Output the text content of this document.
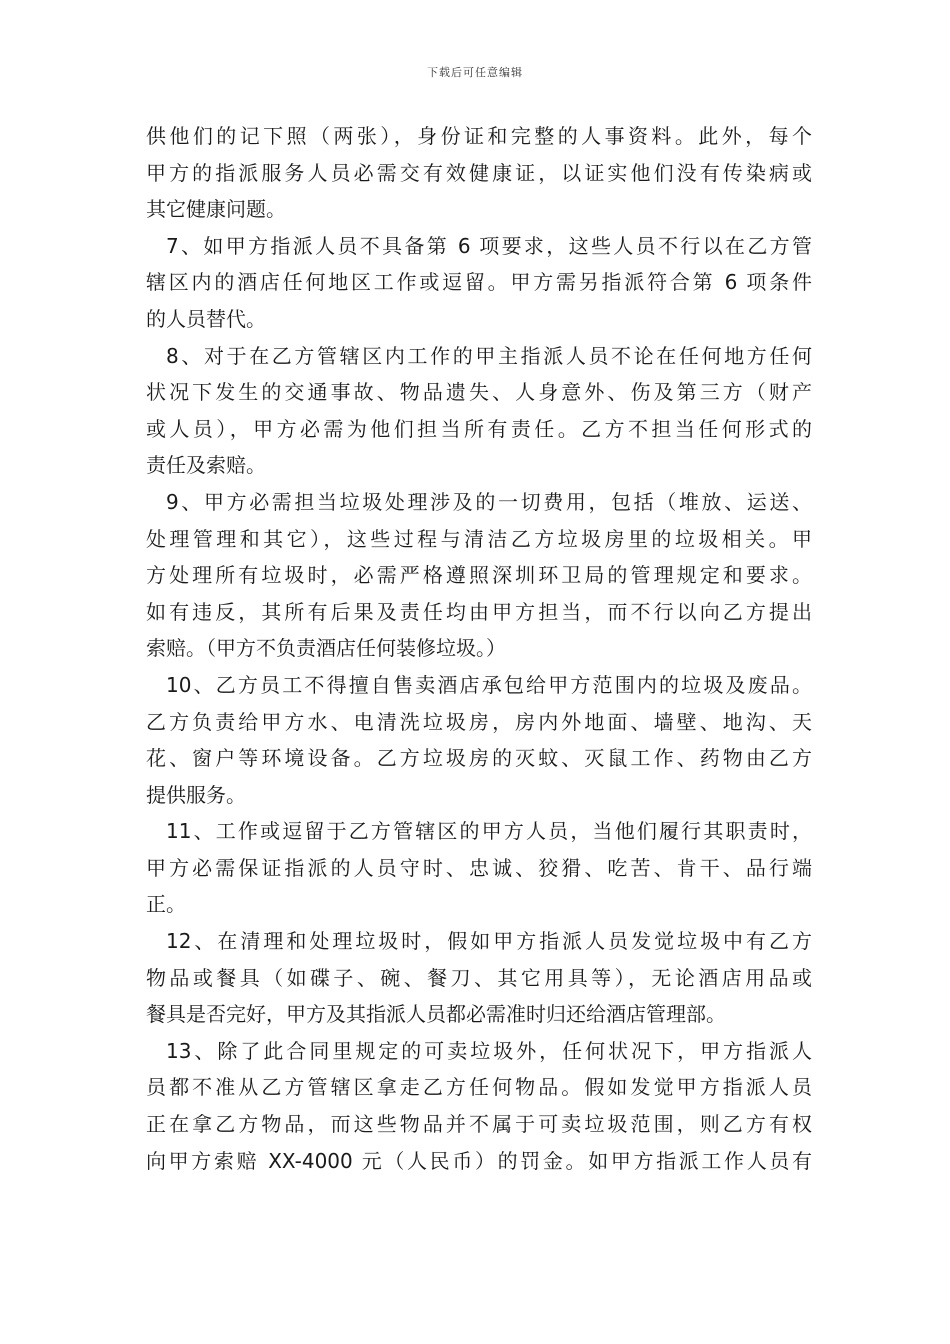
下载后可任意编辑
供他们的记下照（两张），身份证和完整的人事资料。此外，每个
甲方的指派服务人员必需交有效健康证，以证实他们没有传染病或
其它健康问题。
7、如甲方指派人员不具备第 6 项要求，这些人员不行以在乙方管
辖区内的酒店任何地区工作或逗留。甲方需另指派符合第 6 项条件
的人员替代。
8、对于在乙方管辖区内工作的甲主指派人员不论在任何地方任何
状况下发生的交通事故、物品遗失、人身意外、伤及第三方（财产
或人员），甲方必需为他们担当所有责任。乙方不担当任何形式的
责任及索赔。
9、甲方必需担当垃圾处理涉及的一切费用，包括（堆放、运送、
处理管理和其它），这些过程与清洁乙方垃圾房里的垃圾相关。甲
方处理所有垃圾时，必需严格遵照深圳环卫局的管理规定和要求。
如有违反，其所有后果及责任均由甲方担当，而不行以向乙方提出
索赔。（甲方不负责酒店任何装修垃圾。）
10、乙方员工不得擅自售卖酒店承包给甲方范围内的垃圾及废品。
乙方负责给甲方水、电清洗垃圾房，房内外地面、墙壁、地沟、天
花、窗户等环境设备。乙方垃圾房的灭蚊、灭鼠工作、药物由乙方
提供服务。
11、工作或逗留于乙方管辖区的甲方人员，当他们履行其职责时，
甲方必需保证指派的人员守时、忠诚、狡猾、吃苦、肯干、品行端
正。
12、在清理和处理垃圾时，假如甲方指派人员发觉垃圾中有乙方
物品或餐具（如碟子、碗、餐刀、其它用具等），无论酒店用品或
餐具是否完好，甲方及其指派人员都必需准时归还给酒店管理部。
13、除了此合同里规定的可卖垃圾外，任何状况下，甲方指派人
员都不准从乙方管辖区拿走乙方任何物品。假如发觉甲方指派人员
正在拿乙方物品，而这些物品并不属于可卖垃圾范围，则乙方有权
向甲方索赔 XX-4000 元（人民币）的罚金。如甲方指派工作人员有
